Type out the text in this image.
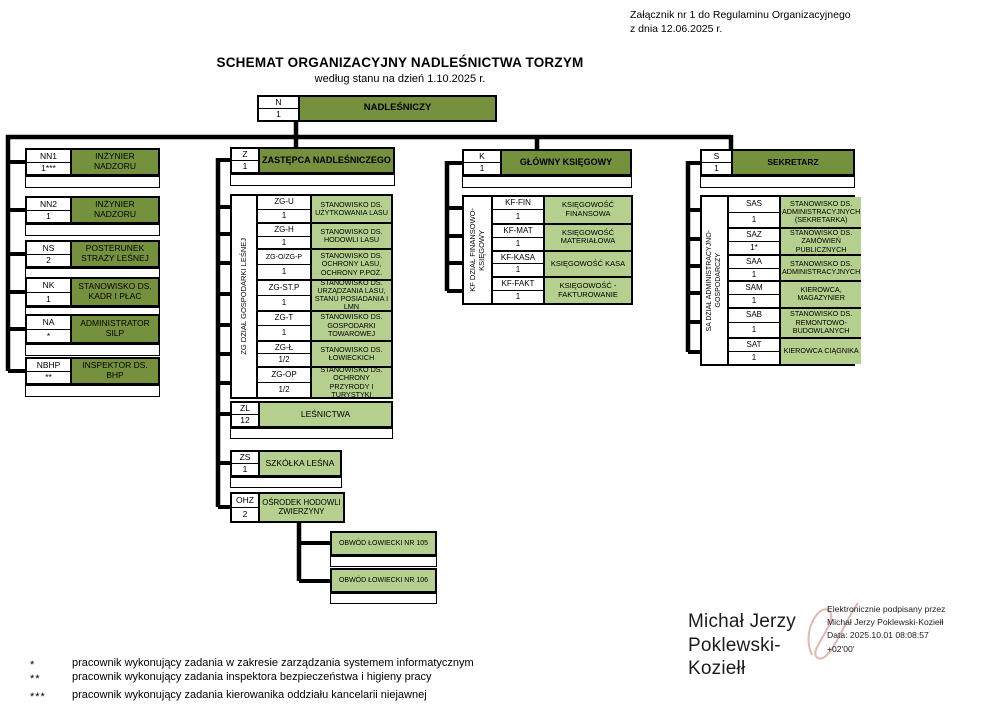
Załącznik nr 1 do Regulaminu Organizacyjnego
z dnia 12.06.2025 r.
SCHEMAT ORGANIZACYJNY NADLEŚNICTWA TORZYM
według stanu na dzień 1.10.2025 r.
N
1
NADLEŚNICZY
NN1
1***
INŻYNIER NADZORU
NN2
1
INŻYNIER NADZORU
NS
2
POSTERUNEK STRAŻY LEŚNEJ
NK
1
STANOWISKO DS. KADR I PŁAC
NA
*
ADMINISTRATOR SILP
NBHP
**
INSPEKTOR DS. BHP
Z
1
ZASTĘPCA NADLEŚNICZEGO
ZG DZIAŁ GOSPODARKI LEŚNEJ
ZG-U
1
STANOWISKO DS. UŻYTKOWANIA LASU
ZG-H
1
STANOWISKO DS. HODOWLI LASU
ZG-O/ZG-P
1
STANOWISKO DS. OCHRONY LASU, OCHRONY P.POŻ.
ZG-ST.P
1
STANOWISKO DS. URZĄDZANIA LASU, STANU POSIADANIA I LMN
ZG-T
1
STANOWISKO DS. GOSPODARKI TOWAROWEJ
ZG-Ł
1/2
STANOWISKO DS. ŁOWIECKICH
ZG-OP
1/2
STANOWISKO DS. OCHRONY PRZYRODY I TURYSTYKI
ZL
12
LEŚNICTWA
ZS
1
SZKÓŁKA LEŚNA
OHZ
2
OŚRODEK HODOWLI ZWIERZYNY
OBWÓD ŁOWIECKI NR 105
OBWÓD ŁOWIECKI NR 106
K
1
GŁÓWNY KSIĘGOWY
KF DZIAŁ FINANSOWO- KSIĘGOWY
KF-FIN
1
KSIĘGOWOŚĆ FINANSOWA
KF-MAT
1
KSIĘGOWOŚĆ MATERIAŁOWA
KF-KASA
1
KSIĘGOWOŚĆ KASA
KF-FAKT
1
KSIĘGOWOŚĆ - FAKTUROWANIE
S
1
SEKRETARZ
SA DZIAŁ ADMINISTRACYJNO- GOSPODARCZY
SAS
1
STANOWISKO DS. ADMINISTRACYJNYCH (SEKRETARKA)
SAZ
1*
STANOWISKO DS. ZAMÓWIEŃ PUBLICZNYCH
SAA
1
STANOWISKO DS. ADMINISTRACYJNYCH
SAM
1
KIEROWCA, MAGAZYNIER
SAB
1
STANOWISKO DS. REMONTOWO-BUDOWLANYCH
SAT
1
KIEROWCA CIĄGNIKA
Michał Jerzy
Poklewski-Koziełł
Elektronicznie podpisany przez
Michał Jerzy Poklewski-Koziełł
Data: 2025.10.01 08:08:57
+02'00'
*	pracownik wykonujący zadania w zakresie zarządzania systemem informatycznym
**	pracownik wykonujący zadania inspektora bezpieczeństwa i higieny pracy
*** pracownik wykonujący zadania kierowanika oddziału kancelarii niejawnej
